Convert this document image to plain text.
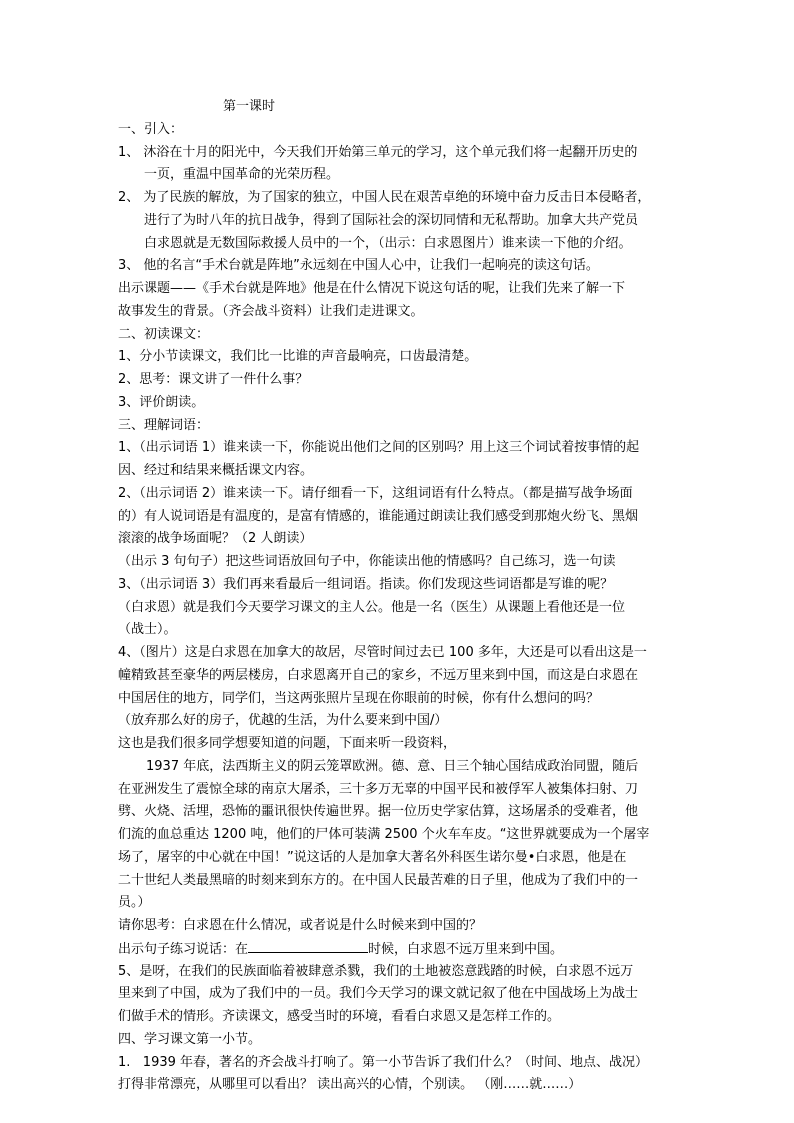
第一课时
一、引入：
1、 沐浴在十月的阳光中，今天我们开始第三单元的学习，这个单元我们将一起翻开历史的
一页，重温中国革命的光荣历程。
2、 为了民族的解放，为了国家的独立，中国人民在艰苦卓绝的环境中奋力反击日本侵略者，
进行了为时八年的抗日战争，得到了国际社会的深切同情和无私帮助。加拿大共产党员
白求恩就是无数国际救援人员中的一个，（出示：白求恩图片）谁来读一下他的介绍。
3、 他的名言“手术台就是阵地”永远刻在中国人心中，让我们一起响亮的读这句话。
出示课题——《手术台就是阵地》他是在什么情况下说这句话的呢，让我们先来了解一下
故事发生的背景。（齐会战斗资料）让我们走进课文。
二、初读课文：
1、分小节读课文，我们比一比谁的声音最响亮，口齿最清楚。
2、思考：课文讲了一件什么事？
3、评价朗读。
三、理解词语：
1、（出示词语 1）谁来读一下，你能说出他们之间的区别吗？用上这三个词试着按事情的起
因、经过和结果来概括课文内容。
2、（出示词语 2）谁来读一下。请仔细看一下，这组词语有什么特点。（都是描写战争场面
的）有人说词语是有温度的，是富有情感的，谁能通过朗读让我们感受到那炮火纷飞、黑烟
滚滚的战争场面呢？（2 人朗读）
（出示 3 句句子）把这些词语放回句子中，你能读出他的情感吗？自己练习，选一句读
3、（出示词语 3）我们再来看最后一组词语。指读。你们发现这些词语都是写谁的呢？
（白求恩）就是我们今天要学习课文的主人公。他是一名（医生）从课题上看他还是一位
（战士）。
4、（图片）这是白求恩在加拿大的故居，尽管时间过去已 100 多年，大还是可以看出这是一
幢精致甚至豪华的两层楼房，白求恩离开自己的家乡，不远万里来到中国，而这是白求恩在
中国居住的地方，同学们，当这两张照片呈现在你眼前的时候，你有什么想问的吗？
（放弃那么好的房子，优越的生活，为什么要来到中国/）
这也是我们很多同学想要知道的问题，下面来听一段资料，
1937 年底，法西斯主义的阴云笼罩欧洲。德、意、日三个轴心国结成政治同盟，随后
在亚洲发生了震惊全球的南京大屠杀，三十多万无辜的中国平民和被俘军人被集体扫射、刀
劈、火烧、活埋，恐怖的噩讯很快传遍世界。据一位历史学家估算，这场屠杀的受难者，他
们流的血总重达 1200 吨，他们的尸体可装满 2500 个火车车皮。“这世界就要成为一个屠宰
场了，屠宰的中心就在中国！”说这话的人是加拿大著名外科医生诺尔曼•白求恩，他是在
二十世纪人类最黑暗的时刻来到东方的。在中国人民最苦难的日子里，他成为了我们中的一
员。）
请你思考：白求恩在什么情况，或者说是什么时候来到中国的？
出示句子练习说话：在	时候，白求恩不远万里来到中国。
5、是呀，在我们的民族面临着被肆意杀戮，我们的土地被恣意践踏的时候，白求恩不远万
里来到了中国，成为了我们中的一员。我们今天学习的课文就记叙了他在中国战场上为战士
们做手术的情形。齐读课文，感受当时的环境，看看白求恩又是怎样工作的。
四、学习课文第一小节。
1.   1939 年春，著名的齐会战斗打响了。第一小节告诉了我们什么？（时间、地点、战况）
打得非常漂亮，从哪里可以看出？ 读出高兴的心情，个别读。 （刚……就……）
